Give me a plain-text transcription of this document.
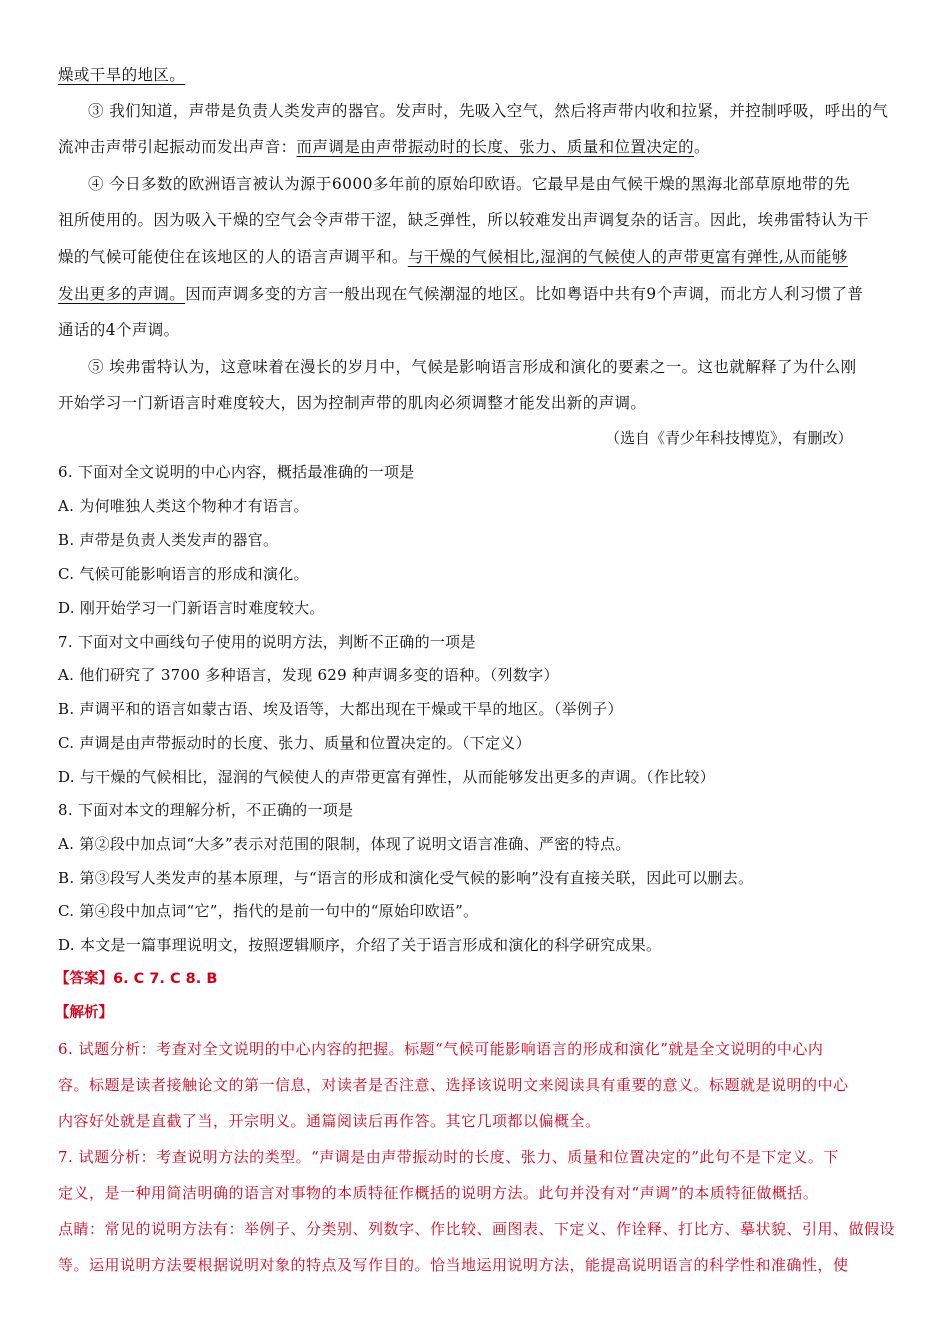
燥或干旱的地区。
③ 我们知道，声带是负责人类发声的器官。发声时，先吸入空气，然后将声带内收和拉紧，并控制呼吸，呼出的气
流冲击声带引起振动而发出声音：而声调是由声带振动时的长度、张力、质量和位置决定的。
④ 今日多数的欧洲语言被认为源于6000多年前的原始印欧语。它最早是由气候干燥的黑海北部草原地带的先
祖所使用的。因为吸入干燥的空气会令声带干涩，缺乏弹性，所以较难发出声调复杂的话言。因此，埃弗雷特认为干
燥的气候可能使住在该地区的人的语言声调平和。与干燥的气候相比,湿润的气候使人的声带更富有弹性,从而能够
发出更多的声调。因而声调多变的方言一般出现在气候潮湿的地区。比如粤语中共有9个声调，而北方人利习惯了普
通话的4个声调。
⑤ 埃弗雷特认为，这意味着在漫长的岁月中，气候是影响语言形成和演化的要素之一。这也就解释了为什么刚
开始学习一门新语言时难度较大，因为控制声带的肌肉必须调整才能发出新的声调。
（选自《青少年科技博览》，有删改）
6. 下面对全文说明的中心内容，概括最准确的一项是
A. 为何唯独人类这个物种才有语言。
B. 声带是负责人类发声的器官。
C. 气候可能影响语言的形成和演化。
D. 刚开始学习一门新语言时难度较大。
7. 下面对文中画线句子使用的说明方法，判断不正确的一项是
A. 他们研究了 3700 多种语言，发现 629 种声调多变的语种。（列数字）
B. 声调平和的语言如蒙古语、埃及语等，大都出现在干燥或干旱的地区。（举例子）
C. 声调是由声带振动时的长度、张力、质量和位置决定的。（下定义）
D. 与干燥的气候相比，湿润的气候使人的声带更富有弹性，从而能够发出更多的声调。（作比较）
8. 下面对本文的理解分析，不正确的一项是
A. 第②段中加点词“大多”表示对范围的限制，体现了说明文语言准确、严密的特点。
B. 第③段写人类发声的基本原理，与“语言的形成和演化受气候的影响”没有直接关联，因此可以删去。
C. 第④段中加点词“它”，指代的是前一句中的“原始印欧语”。
D. 本文是一篇事理说明文，按照逻辑顺序，介绍了关于语言形成和演化的科学研究成果。
【答案】6. C 7. C 8. B
【解析】
6. 试题分析：考查对全文说明的中心内容的把握。标题“气候可能影响语言的形成和演化”就是全文说明的中心内
容。标题是读者接触论文的第一信息，对读者是否注意、选择该说明文来阅读具有重要的意义。标题就是说明的中心
内容好处就是直截了当，开宗明义。通篇阅读后再作答。其它几项都以偏概全。
7. 试题分析：考查说明方法的类型。“声调是由声带振动时的长度、张力、质量和位置决定的”此句不是下定义。下
定义，是一种用简洁明确的语言对事物的本质特征作概括的说明方法。此句并没有对“声调”的本质特征做概括。
点睛：常见的说明方法有：举例子、分类别、列数字、作比较、画图表、下定义、作诠释、打比方、摹状貌、引用、做假设
等。运用说明方法要根据说明对象的特点及写作目的。恰当地运用说明方法，能提高说明语言的科学性和准确性，使
